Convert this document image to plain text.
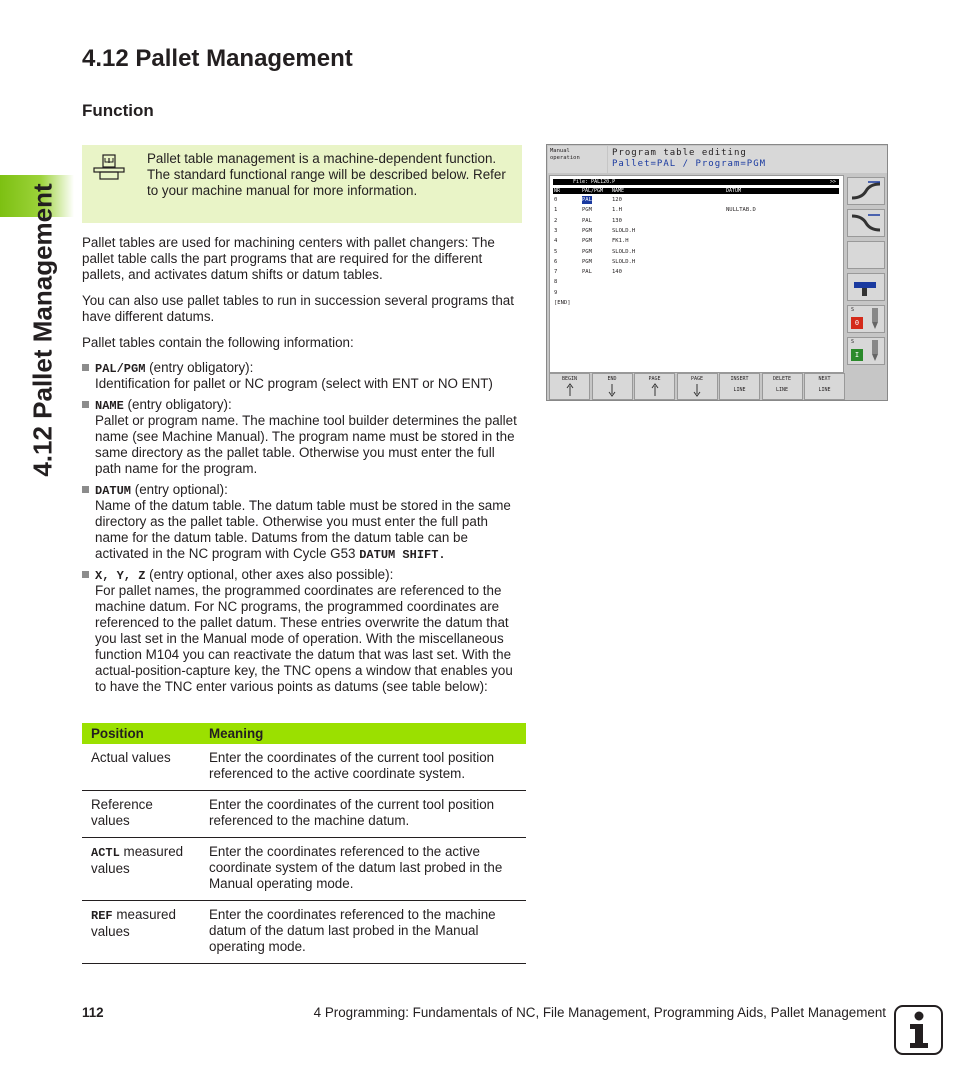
4.12 Pallet Management
4.12 Pallet Management
Function

Pallet table management is a machine-dependent function. The standard functional range will be described below. Refer to your machine manual for more information.

Pallet tables are used for machining centers with pallet changers: The pallet table calls the part programs that are required for the different pallets, and activates datum shifts or datum tables.

You can also use pallet tables to run in succession several programs that have different datums.

Pallet tables contain the following information:

PAL/PGM (entry obligatory):

Identification for pallet or NC program (select with ENT or NO ENT)

NAME (entry obligatory):

Pallet or program name. The machine tool builder determines the pallet name (see Machine Manual). The program name must be stored in the same directory as the pallet table. Otherwise you must enter the full path name for the program.

DATUM (entry optional):

Name of the datum table. The datum table must be stored in the same directory as the pallet table. Otherwise you must enter the full path name for the datum table. Datums from the datum table can be activated in the NC program with Cycle G53 DATUM SHIFT.

X, Y, Z (entry optional, other axes also possible):

For pallet names, the programmed coordinates are referenced to the machine datum. For NC programs, the programmed coordinates are referenced to the pallet datum. These entries overwrite the datum that you last set in the Manual mode of operation. With the miscellaneous function M104 you can reactivate the datum that was last set. With the actual-position-capture key, the TNC opens a window that enables you to have the TNC enter various points as datums (see table below):

Position	Meaning
Actual values	Enter the coordinates of the current tool position referenced to the active coordinate system.
Reference values	Enter the coordinates of the current tool position referenced to the machine datum.
ACTL measured values	Enter the coordinates referenced to the active coordinate system of the datum last probed in the Manual operating mode.
REF measured values	Enter the coordinates referenced to the machine datum of the datum last probed in the Manual operating mode.
Manual
operation	Program table editing
Pallet=PAL / Program=PGM
File: PAL120.P	>>
NR	PAL/PGM NAME	DATUM
0	PAL	120
1	PGM	1.H	NULLTAB.D
2	PAL	130
3	PGM	SLOLD.H
4	PGM	FK1.H
5	PGM	SLOLD.H
6	PGM	SLOLD.H
7	PAL	140
8
9
[END]
S
0
S
I
BEGIN	END	PAGE	PAGE	INSERT
LINE
DELETE
LINE
NEXT
LINE
112	4 Programming: Fundamentals of NC, File Management, Programming Aids, Pallet Management
